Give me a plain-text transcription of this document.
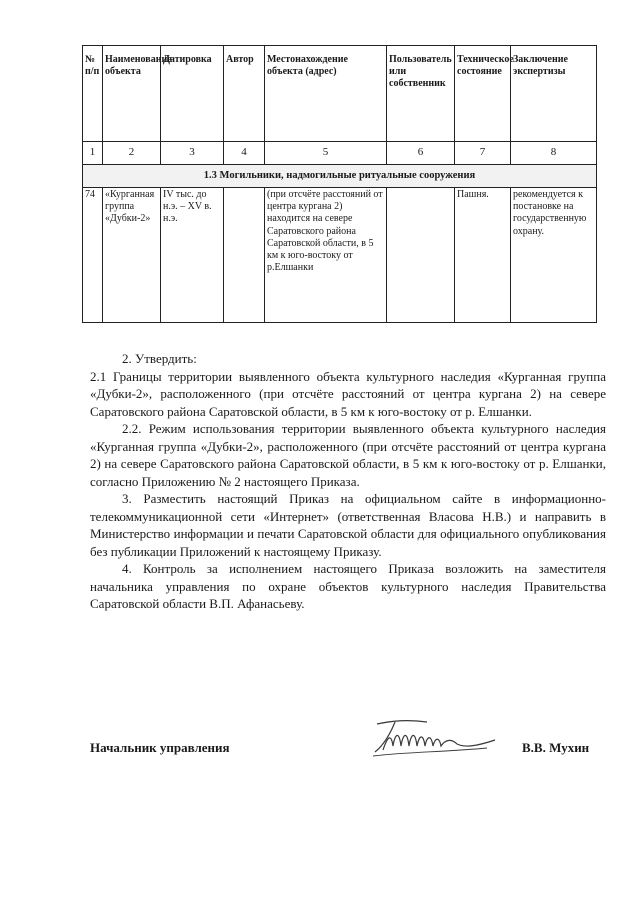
№ п/п	Наименование объекта	Датировка	Автор	Местонахождение объекта (адрес)	Пользователь или собственник	Техническое состояние	Заключение экспертизы
1	2	3	4	5	6	7	8
1.3 Могильники, надмогильные ритуальные сооружения							
74	«Курганная группа «Дубки-2»	IV тыс. до н.э. – XV в. н.э.		(при отсчёте расстояний от центра кургана 2) находится на севере Саратовского района Саратовской области, в 5 км к юго-востоку от р.Елшанки		Пашня.	рекомендуется к постановке на государственную охрану.

2. Утвердить:

2.1 Границы территории выявленного объекта культурного наследия «Курганная группа «Дубки-2», расположенного (при отсчёте расстояний от центра кургана 2) на севере Саратовского района Саратовской области, в 5 км к юго-востоку от р. Елшанки.

2.2. Режим использования территории выявленного объекта культурного наследия «Курганная группа «Дубки-2», расположенного (при отсчёте расстояний от центра кургана 2) на севере Саратовского района Саратовской области, в 5 км к юго-востоку от р. Елшанки, согласно Приложению № 2 настоящего Приказа.

3. Разместить настоящий Приказ на официальном сайте в информационно-телекоммуникационной сети «Интернет» (ответственная Власова Н.В.) и направить в Министерство информации и печати Саратовской области для официального опубликования без публикации Приложений к настоящему Приказу.

4. Контроль за исполнением настоящего Приказа возложить на заместителя начальника управления по охране объектов культурного наследия Правительства Саратовской области В.П. Афанасьеву.

Начальник управления	В.В. Мухин
